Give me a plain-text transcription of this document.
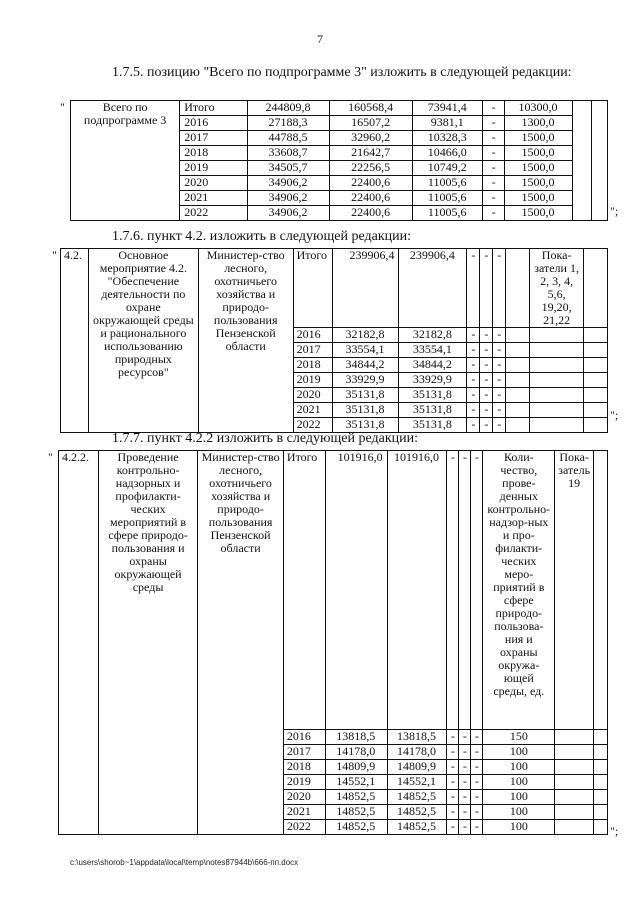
7
1.7.5. позицию "Всего по подпрограмме 3" изложить в следующей редакции:
"	Всего по подпрограмме 3	Итого	244809,8	160568,4	73941,4	-	10300,0		
	2016	27188,3	16507,2	9381,1	-	1300,0		
	2017	44788,5	32960,2	10328,3	-	1500,0		
	2018	33608,7	21642,7	10466,0	-	1500,0		
	2019	34505,7	22256,5	10749,2	-	1500,0		
	2020	34906,2	22400,6	11005,6	-	1500,0		
	2021	34906,2	22400,6	11005,6	-	1500,0		
	2022	34906,2	22400,6	11005,6	-	1500,0			";
1.7.6. пункт 4.2. изложить в следующей редакции:
" 4.2.	Основное мероприятие 4.2. "Обеспечение деятельности по охране окружающей среды и рационального использованию природных ресурсов"	Министер-ство лесного, охотничьего хозяйства и природо-пользования Пензенской области	Итого	239906,4	239906,4	-	-	-		Пока-затели 1, 2, 3, 4, 5,6, 19,20, 21,22	
			2016	32182,8	32182,8	-	-	-			
			2017	33554,1	33554,1	-	-	-			
			2018	34844,2	34844,2	-	-	-			
			2019	33929,9	33929,9	-	-	-			
			2020	35131,8	35131,8	-	-	-			
			2021	35131,8	35131,8	-	-	-			
			2022	35131,8	35131,8	-	-	-			
";
1.7.7. пункт 4.2.2 изложить в следующей редакции:
" 4.2.2.	Проведение контрольно-надзорных и профилакти-ческих мероприятий в сфере природо-пользования и охраны окружающей среды	Министер-ство лесного, охотничьего хозяйства и природо-пользования Пензенской области	Итого	101916,0	101916,0	-	-	-	Коли-чество, прове-денных контрольно-надзор-ных и про-филакти-ческих меро-приятий в сфере природо-пользова-ния и охраны окружа-ющей среды, ед.	Пока-затель 19	
			2016	13818,5	13818,5	-	-	-	150		
			2017	14178,0	14178,0	-	-	-	100		
			2018	14809,9	14809,9	-	-	-	100		
			2019	14552,1	14552,1	-	-	-	100		
			2020	14852,5	14852,5	-	-	-	100		
			2021	14852,5	14852,5	-	-	-	100		
			2022	14852,5	14852,5	-	-	-	100			";
c:\users\shorob~1\appdata\local\temp\notes87944b\666-пп.docx
